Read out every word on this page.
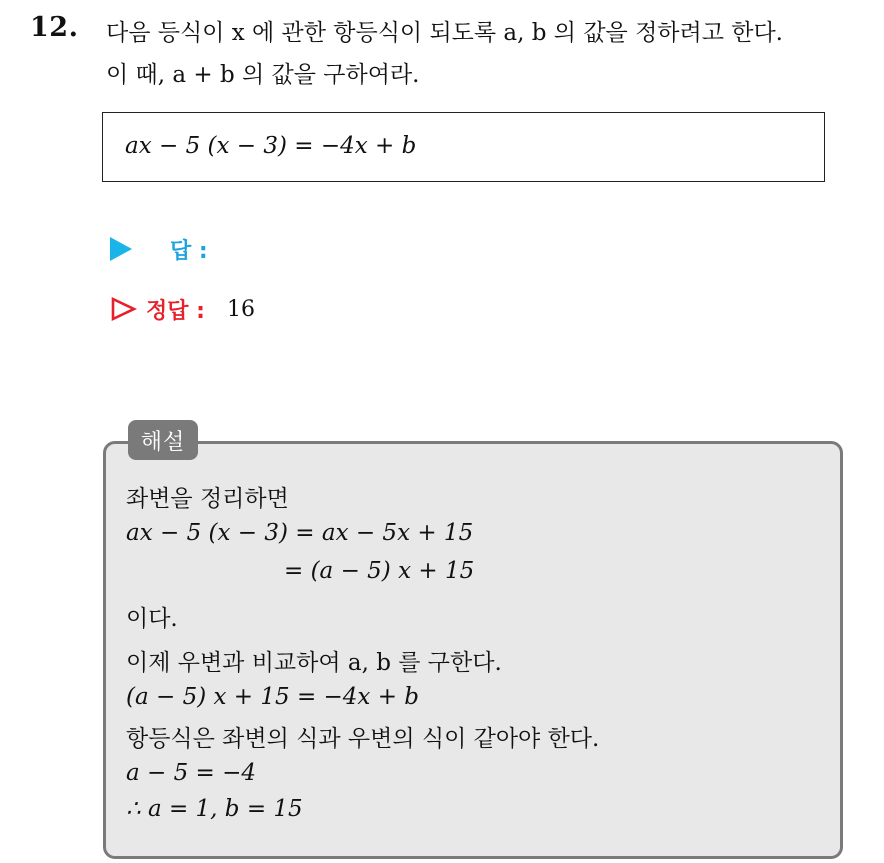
12. 다음 등식이 x 에 관한 항등식이 되도록 a, b 의 값을 정하려고 한다.
이 때, a + b 의 값을 구하여라.
ax − 5 (x − 3) = −4x + b
답 :
정답 : 16
해설
좌변을 정리하면
ax − 5 (x − 3) = ax − 5x + 15
= (a − 5) x + 15
이다.
이제 우변과 비교하여 a, b 를 구한다.
(a − 5) x + 15 = −4x + b
항등식은 좌변의 식과 우변의 식이 같아야 한다.
a − 5 = −4
∴ a = 1, b = 15
